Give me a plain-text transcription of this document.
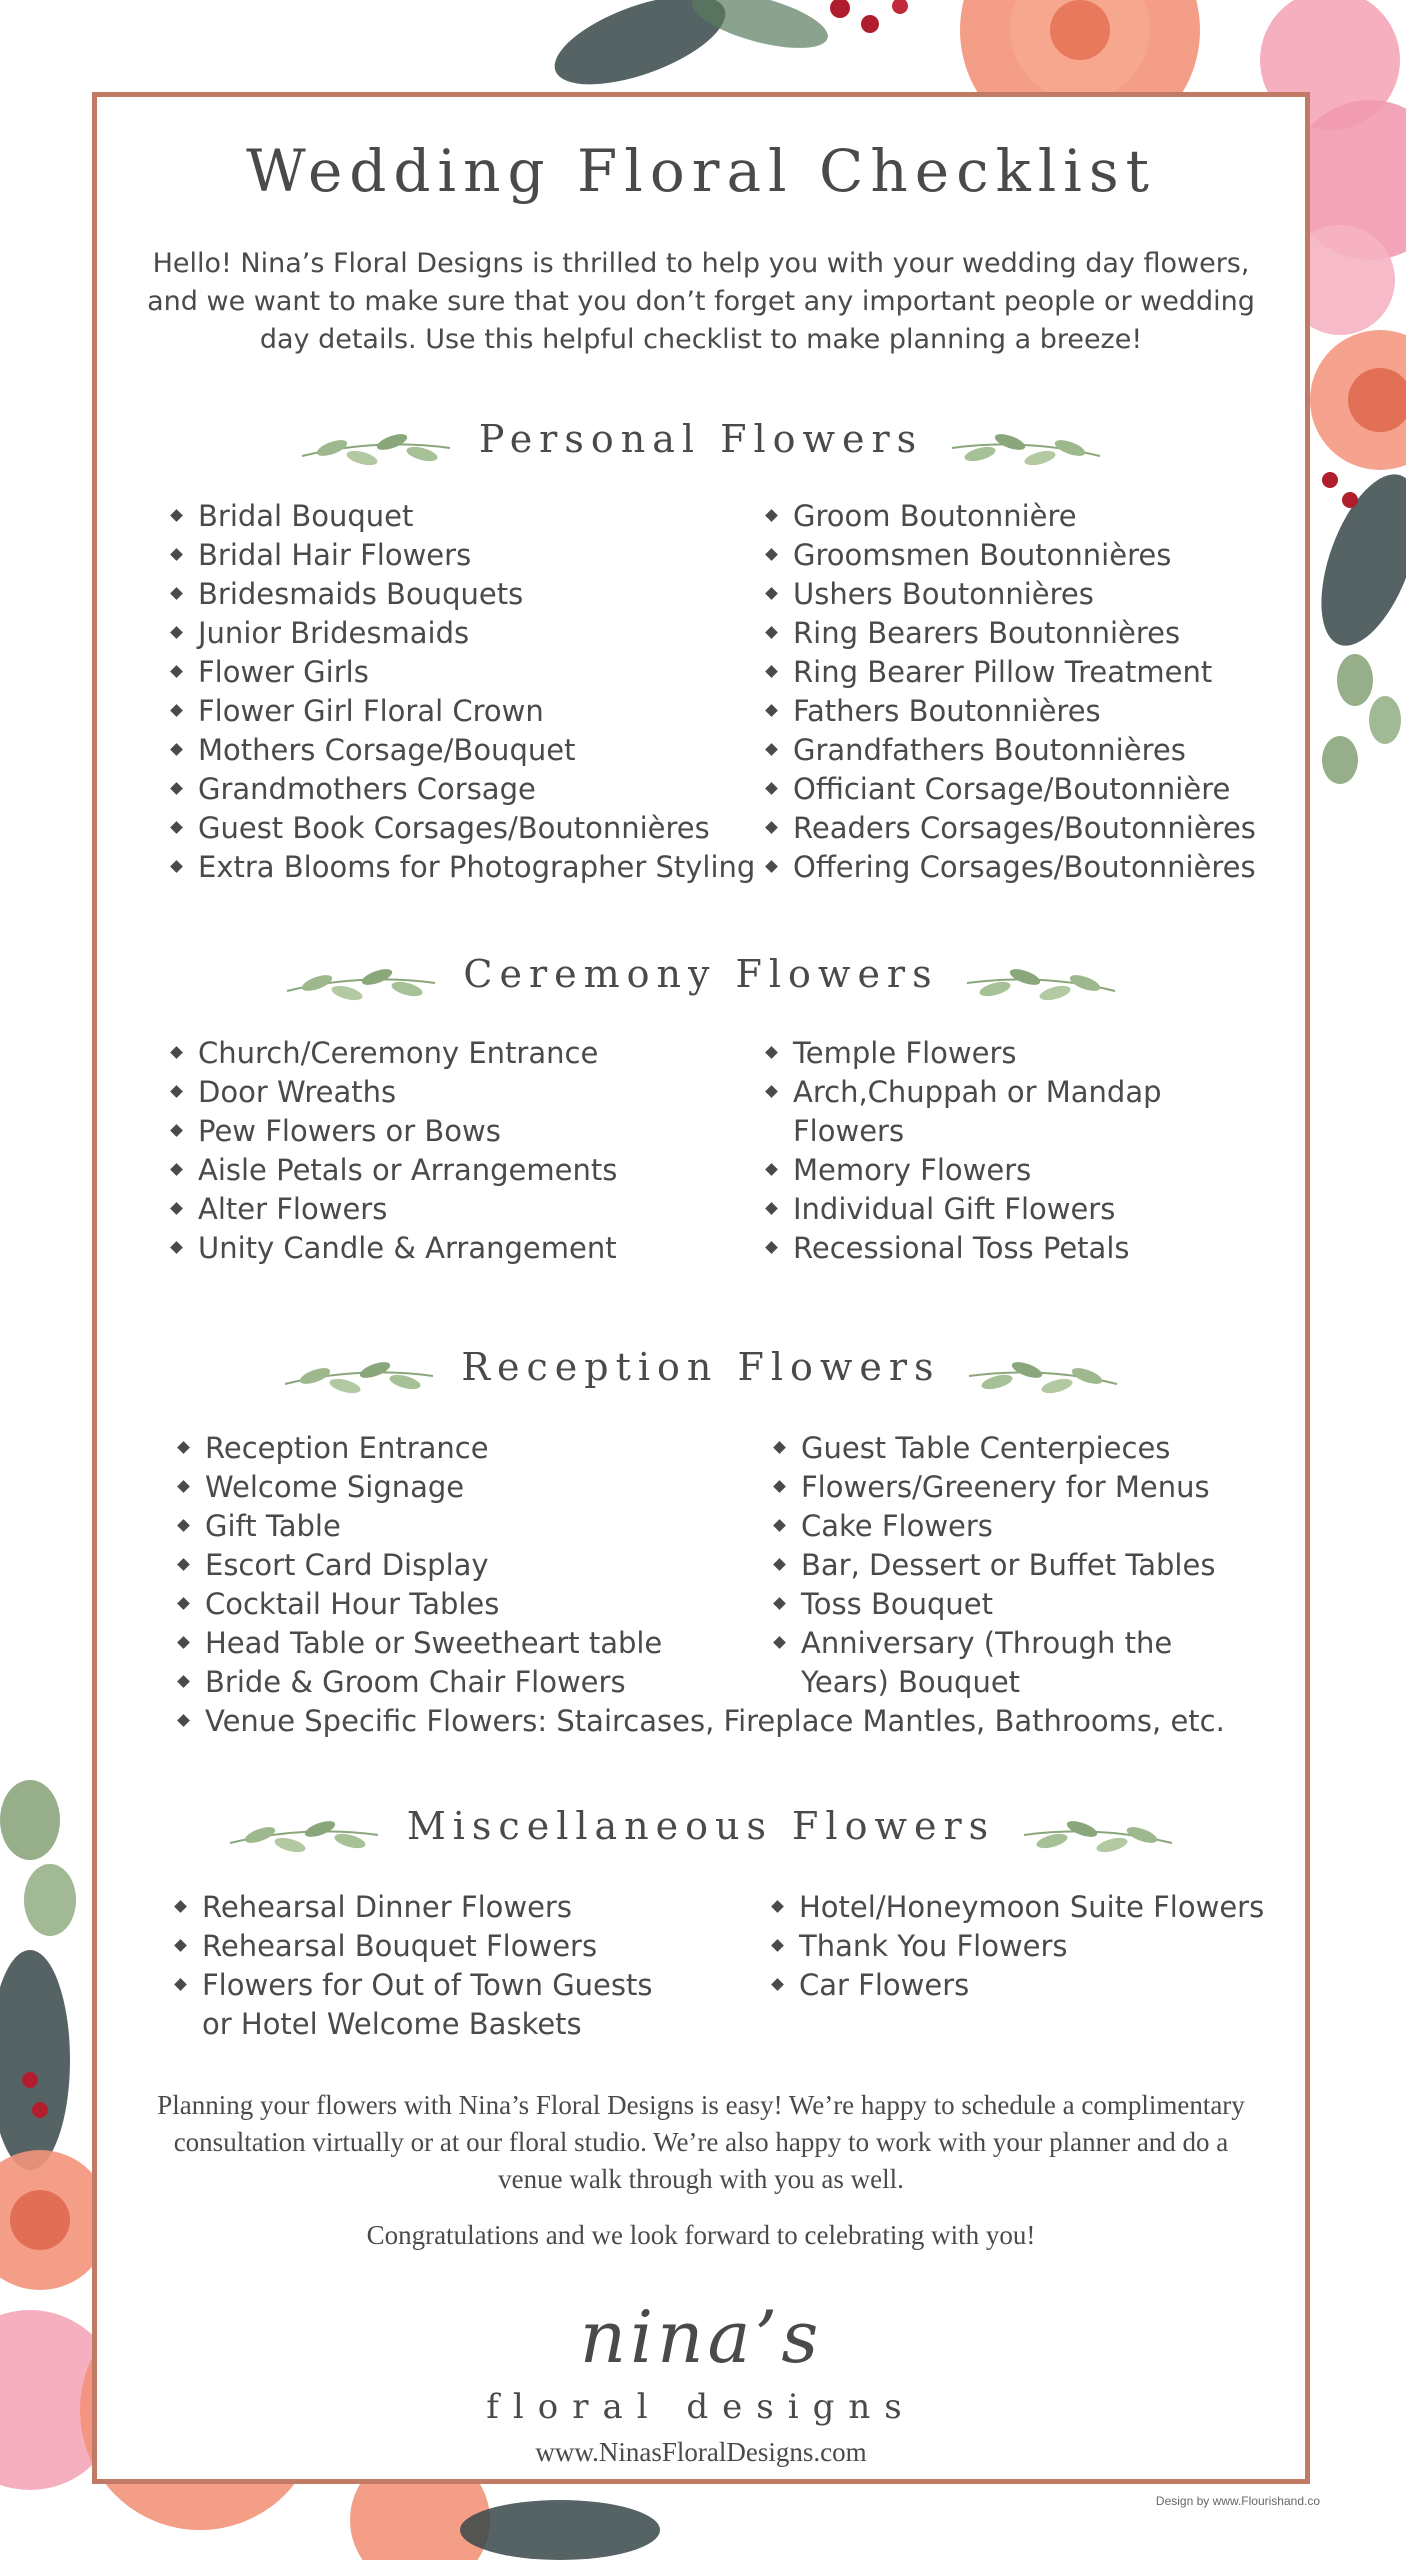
Wedding Floral Checklist
Hello! Nina’s Floral Designs is thrilled to help you with your wedding day flowers, and we want to make sure that you don’t forget any important people or wedding day details. Use this helpful checklist to make planning a breeze!
Personal Flowers
Bridal Bouquet
Bridal Hair Flowers
Bridesmaids Bouquets
Junior Bridesmaids
Flower Girls
Flower Girl Floral Crown
Mothers Corsage/Bouquet
Grandmothers Corsage
Guest Book Corsages/Boutonnières
Extra Blooms for Photographer Styling
Groom Boutonnière
Groomsmen Boutonnières
Ushers Boutonnières
Ring Bearers Boutonnières
Ring Bearer Pillow Treatment
Fathers Boutonnières
Grandfathers Boutonnières
Officiant Corsage/Boutonnière
Readers Corsages/Boutonnières
Offering Corsages/Boutonnières
Ceremony Flowers
Church/Ceremony Entrance
Door Wreaths
Pew Flowers or Bows
Aisle Petals or Arrangements
Alter Flowers
Unity Candle & Arrangement
Temple Flowers
Arch,Chuppah or Mandap Flowers
Memory Flowers
Individual Gift Flowers
Recessional Toss Petals
Reception Flowers
Reception Entrance
Welcome Signage
Gift Table
Escort Card Display
Cocktail Hour Tables
Head Table or Sweetheart table
Bride & Groom Chair Flowers
Guest Table Centerpieces
Flowers/Greenery for Menus
Cake Flowers
Bar, Dessert or Buffet Tables
Toss Bouquet
Anniversary (Through the Years) Bouquet
Venue Specific Flowers: Staircases, Fireplace Mantles, Bathrooms, etc.
Miscellaneous Flowers
Rehearsal Dinner Flowers
Rehearsal Bouquet Flowers
Flowers for Out of Town Guests or Hotel Welcome Baskets
Hotel/Honeymoon Suite Flowers
Thank You Flowers
Car Flowers
Planning your flowers with Nina’s Floral Designs is easy! We’re happy to schedule a complimentary consultation virtually or at our floral studio. We’re also happy to work with your planner and do a venue walk through with you as well.
Congratulations and we look forward to celebrating with you!
nina’s
floral designs
www.NinasFloralDesigns.com
Design by www.Flourishand.co
